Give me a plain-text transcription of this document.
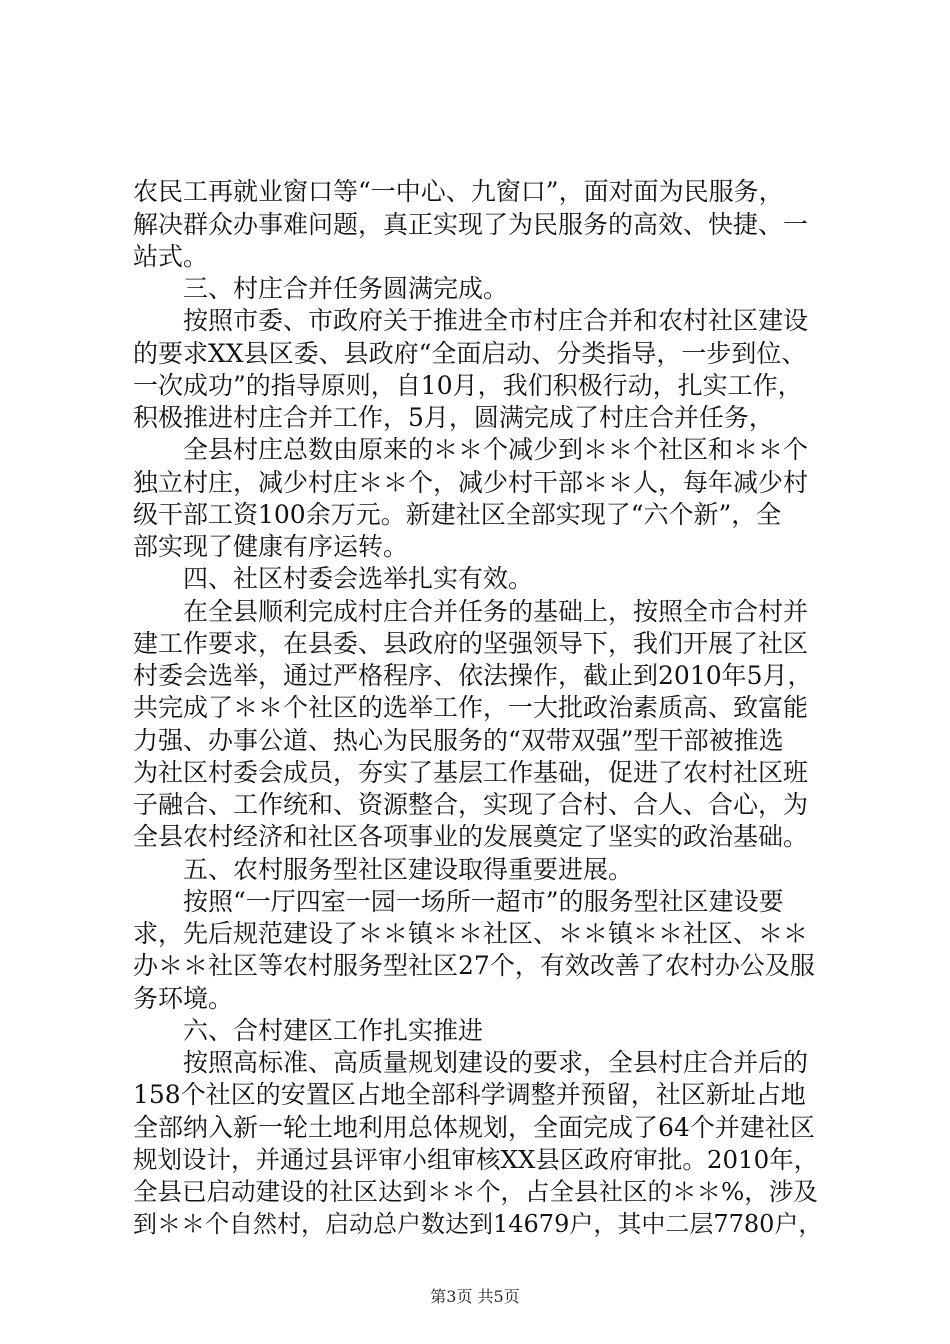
农民工再就业窗口等“一中心、九窗口”，面对面为民服务，
解决群众办事难问题，真正实现了为民服务的高效、快捷、一
站式。
三、村庄合并任务圆满完成。
按照市委、市政府关于推进全市村庄合并和农村社区建设
的要求XX县区委、县政府“全面启动、分类指导，一步到位、
一次成功”的指导原则，自10月，我们积极行动，扎实工作，
积极推进村庄合并工作，5月，圆满完成了村庄合并任务，
全县村庄总数由原来的＊＊个减少到＊＊个社区和＊＊个
独立村庄，减少村庄＊＊个，减少村干部＊＊人，每年减少村
级干部工资100余万元。新建社区全部实现了“六个新”，全
部实现了健康有序运转。
四、社区村委会选举扎实有效。
在全县顺利完成村庄合并任务的基础上，按照全市合村并
建工作要求，在县委、县政府的坚强领导下，我们开展了社区
村委会选举，通过严格程序、依法操作，截止到2010年5月，
共完成了＊＊个社区的选举工作，一大批政治素质高、致富能
力强、办事公道、热心为民服务的“双带双强”型干部被推选
为社区村委会成员，夯实了基层工作基础，促进了农村社区班
子融合、工作统和、资源整合，实现了合村、合人、合心，为
全县农村经济和社区各项事业的发展奠定了坚实的政治基础。
五、农村服务型社区建设取得重要进展。
按照“一厅四室一园一场所一超市”的服务型社区建设要
求，先后规范建设了＊＊镇＊＊社区、＊＊镇＊＊社区、＊＊
办＊＊社区等农村服务型社区27个，有效改善了农村办公及服
务环境。
六、合村建区工作扎实推进
按照高标准、高质量规划建设的要求，全县村庄合并后的
158个社区的安置区占地全部科学调整并预留，社区新址占地
全部纳入新一轮土地利用总体规划，全面完成了64个并建社区
规划设计，并通过县评审小组审核XX县区政府审批。2010年，
全县已启动建设的社区达到＊＊个，占全县社区的＊＊%，涉及
到＊＊个自然村，启动总户数达到14679户，其中二层7780户，
第3页 共5页
